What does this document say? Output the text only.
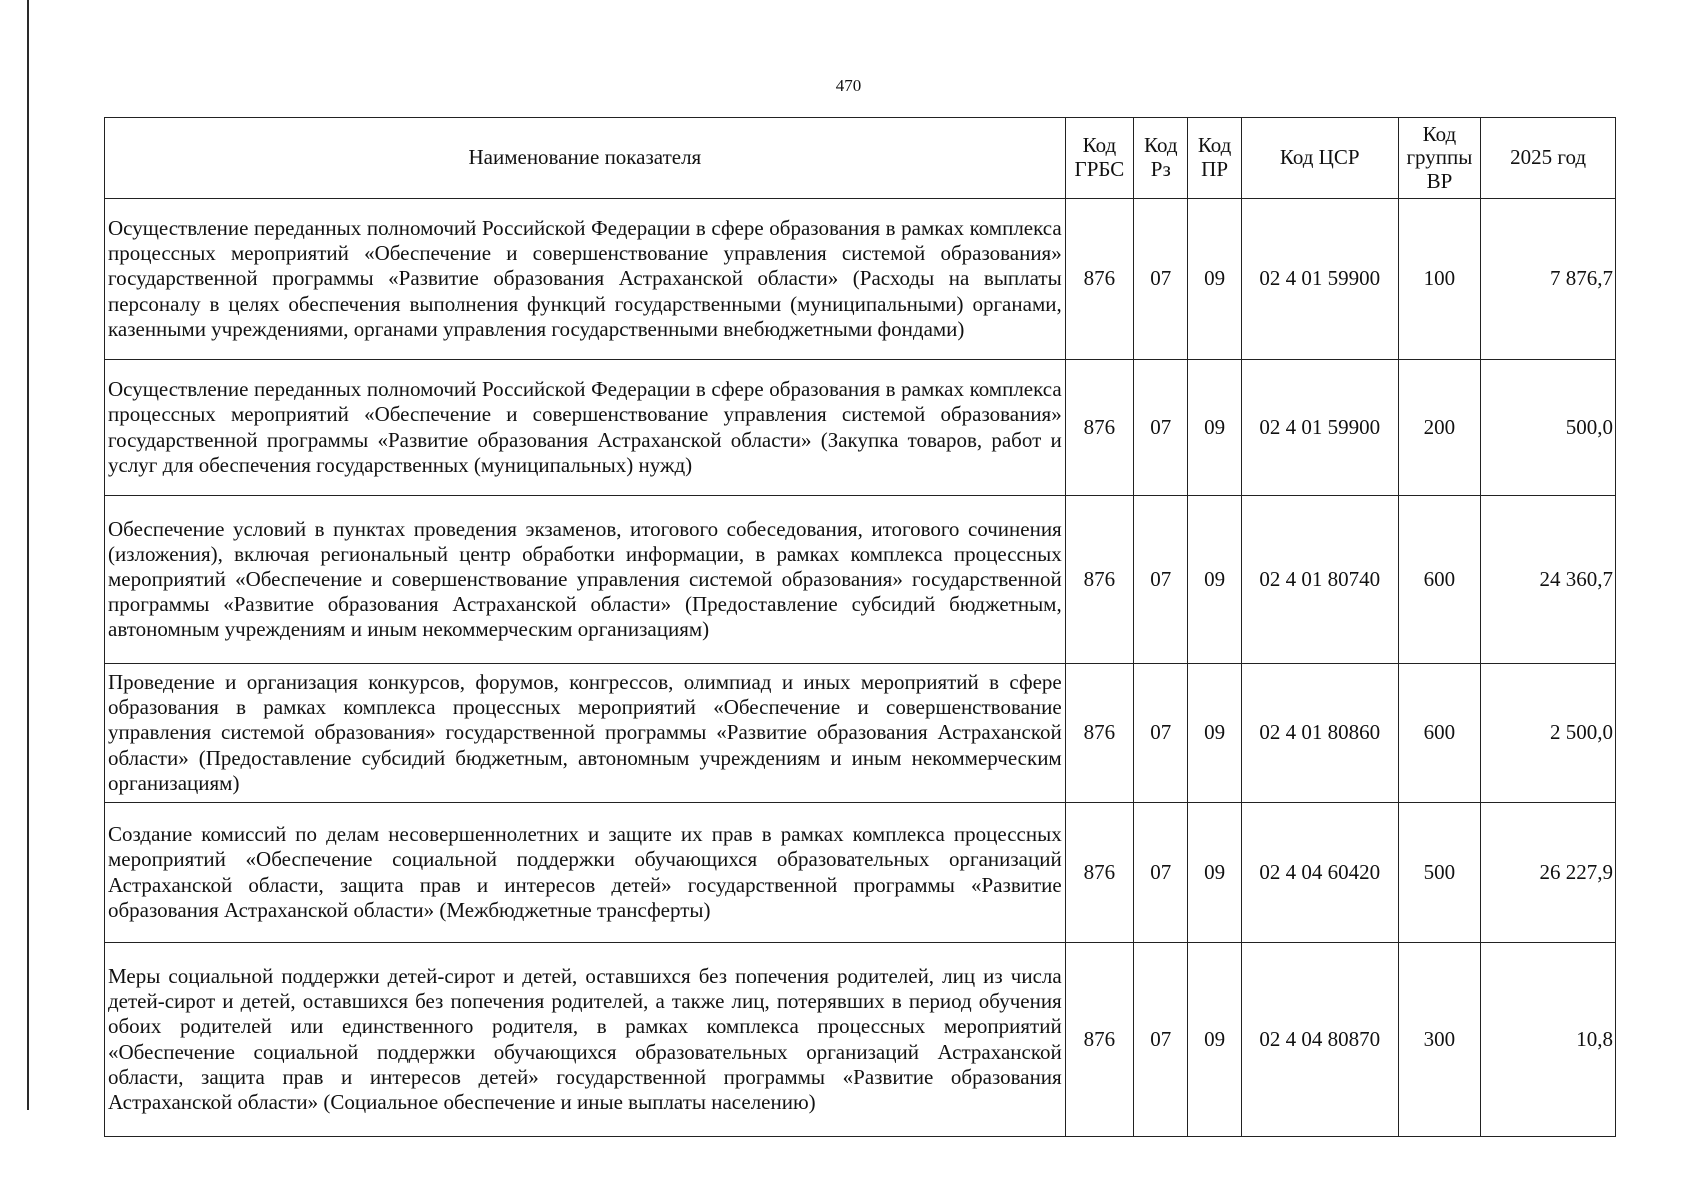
470
Наименование показателя	Код ГРБС	Код Рз	Код ПР	Код ЦСР	Код группы ВР	2025 год
Осуществление переданных полномочий Российской Федерации в сфере образования в рамках комплекса процессных мероприятий «Обеспечение и совершенствование управления системой образования» государственной программы «Развитие образования Астраханской области» (Расходы на выплаты персоналу в целях обеспечения выполнения функций государственными (муниципальными) органами, казенными учреждениями, органами управления государственными внебюджетными фондами)	876	07	09	02 4 01 59900	100	7 876,7
Осуществление переданных полномочий Российской Федерации в сфере образования в рамках комплекса процессных мероприятий «Обеспечение и совершенствование управления системой образования» государственной программы «Развитие образования Астраханской области» (Закупка товаров, работ и услуг для обеспечения государственных (муниципальных) нужд)	876	07	09	02 4 01 59900	200	500,0
Обеспечение условий в пунктах проведения экзаменов, итогового собеседования, итогового сочинения (изложения), включая региональный центр обработки информации, в рамках комплекса процессных мероприятий «Обеспечение и совершенствование управления системой образования» государственной программы «Развитие образования Астраханской области» (Предоставление субсидий бюджетным, автономным учреждениям и иным некоммерческим организациям)	876	07	09	02 4 01 80740	600	24 360,7
Проведение и организация конкурсов, форумов, конгрессов, олимпиад и иных мероприятий в сфере образования в рамках комплекса процессных мероприятий «Обеспечение и совершенствование управления системой образования» государственной программы «Развитие образования Астраханской области» (Предоставление субсидий бюджетным, автономным учреждениям и иным некоммерческим организациям)	876	07	09	02 4 01 80860	600	2 500,0
Создание комиссий по делам несовершеннолетних и защите их прав в рамках комплекса процессных мероприятий «Обеспечение социальной поддержки обучающихся образовательных организаций Астраханской области, защита прав и интересов детей» государственной программы «Развитие образования Астраханской области» (Межбюджетные трансферты)	876	07	09	02 4 04 60420	500	26 227,9
Меры социальной поддержки детей-сирот и детей, оставшихся без попечения родителей, лиц из числа детей-сирот и детей, оставшихся без попечения родителей, а также лиц, потерявших в период обучения обоих родителей или единственного родителя, в рамках комплекса процессных мероприятий «Обеспечение социальной поддержки обучающихся образовательных организаций Астраханской области, защита прав и интересов детей» государственной программы «Развитие образования Астраханской области» (Социальное обеспечение и иные выплаты населению)	876	07	09	02 4 04 80870	300	10,8
